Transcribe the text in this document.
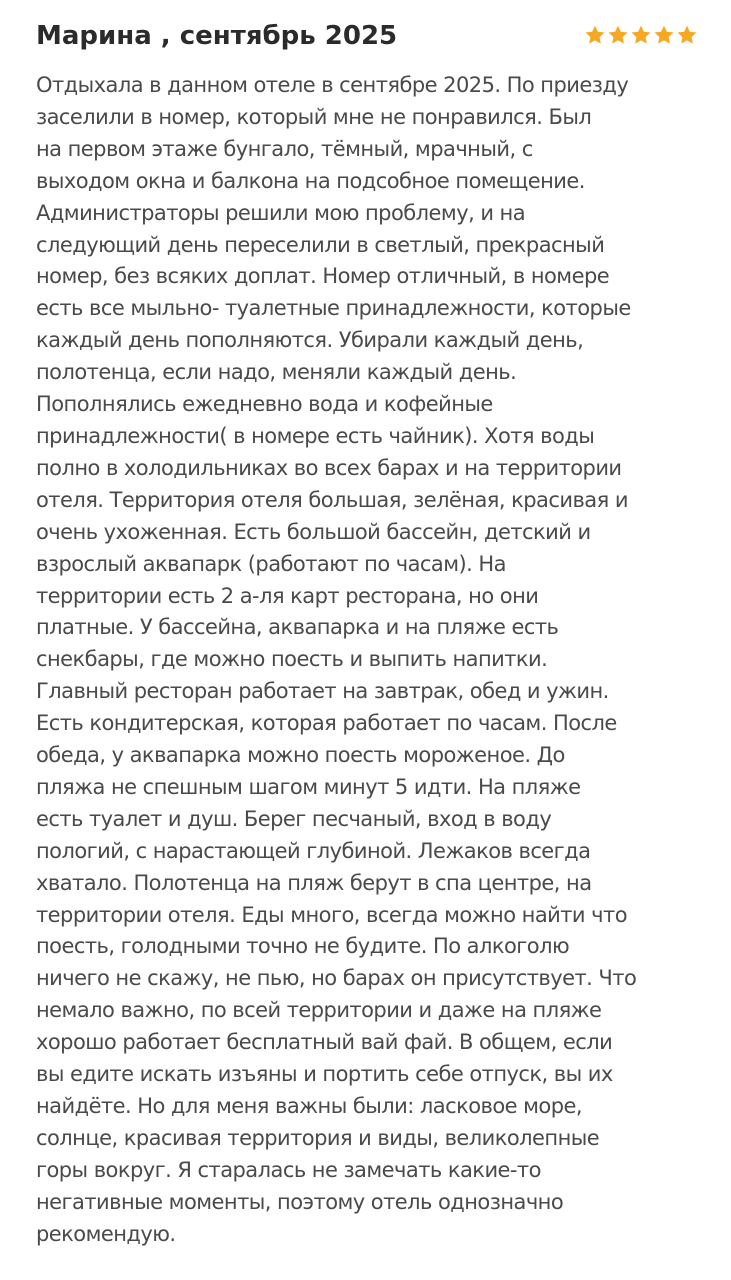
Марина , сентябрь 2025

Отдыхала в данном отеле в сентябре 2025. По приезду
заселили в номер, который мне не понравился. Был
на первом этаже бунгало, тёмный, мрачный, с
выходом окна и балкона на подсобное помещение.
Администраторы решили мою проблему, и на
следующий день переселили в светлый, прекрасный
номер, без всяких доплат. Номер отличный, в номере
есть все мыльно- туалетные принадлежности, которые
каждый день пополняются. Убирали каждый день,
полотенца, если надо, меняли каждый день.
Пополнялись ежедневно вода и кофейные
принадлежности( в номере есть чайник). Хотя воды
полно в холодильниках во всех барах и на территории
отеля. Территория отеля большая, зелёная, красивая и
очень ухоженная. Есть большой бассейн, детский и
взрослый аквапарк (работают по часам). На
территории есть 2 а-ля карт ресторана, но они
платные. У бассейна, аквапарка и на пляже есть
снекбары, где можно поесть и выпить напитки.
Главный ресторан работает на завтрак, обед и ужин.
Есть кондитерская, которая работает по часам. После
обеда, у аквапарка можно поесть мороженое. До
пляжа не спешным шагом минут 5 идти. На пляже
есть туалет и душ. Берег песчаный, вход в воду
пологий, с нарастающей глубиной. Лежаков всегда
хватало. Полотенца на пляж берут в спа центре, на
территории отеля. Еды много, всегда можно найти что
поесть, голодными точно не будите. По алкоголю
ничего не скажу, не пью, но барах он присутствует. Что
немало важно, по всей территории и даже на пляже
хорошо работает бесплатный вай фай. В общем, если
вы едите искать изъяны и портить себе отпуск, вы их
найдёте. Но для меня важны были: ласковое море,
солнце, красивая территория и виды, великолепные
горы вокруг. Я старалась не замечать какие-то
негативные моменты, поэтому отель однозначно
рекомендую.
